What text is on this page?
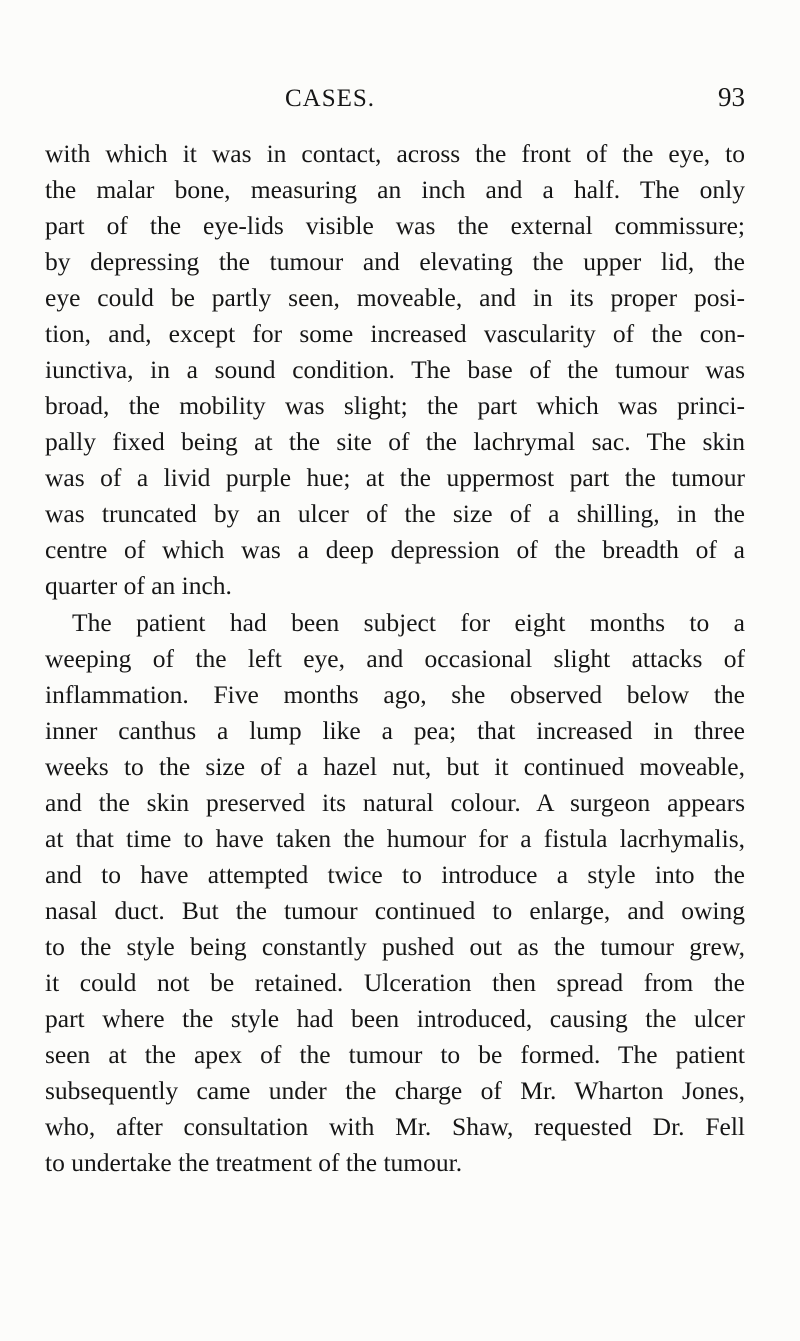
CASES.	93
with which it was in contact, across the front of the eye, to
the malar bone, measuring an inch and a half. The only
part of the eye-lids visible was the external commissure;
by depressing the tumour and elevating the upper lid, the
eye could be partly seen, moveable, and in its proper posi-
tion, and, except for some increased vascularity of the con-
iunctiva, in a sound condition. The base of the tumour was
broad, the mobility was slight; the part which was princi-
pally fixed being at the site of the lachrymal sac. The skin
was of a livid purple hue; at the uppermost part the tumour
was truncated by an ulcer of the size of a shilling, in the
centre of which was a deep depression of the breadth of a
quarter of an inch.
The patient had been subject for eight months to a
weeping of the left eye, and occasional slight attacks of
inflammation. Five months ago, she observed below the
inner canthus a lump like a pea; that increased in three
weeks to the size of a hazel nut, but it continued moveable,
and the skin preserved its natural colour. A surgeon appears
at that time to have taken the humour for a fistula lacrhymalis,
and to have attempted twice to introduce a style into the
nasal duct. But the tumour continued to enlarge, and owing
to the style being constantly pushed out as the tumour grew,
it could not be retained. Ulceration then spread from the
part where the style had been introduced, causing the ulcer
seen at the apex of the tumour to be formed. The patient
subsequently came under the charge of Mr. Wharton Jones,
who, after consultation with Mr. Shaw, requested Dr. Fell
to undertake the treatment of the tumour.
